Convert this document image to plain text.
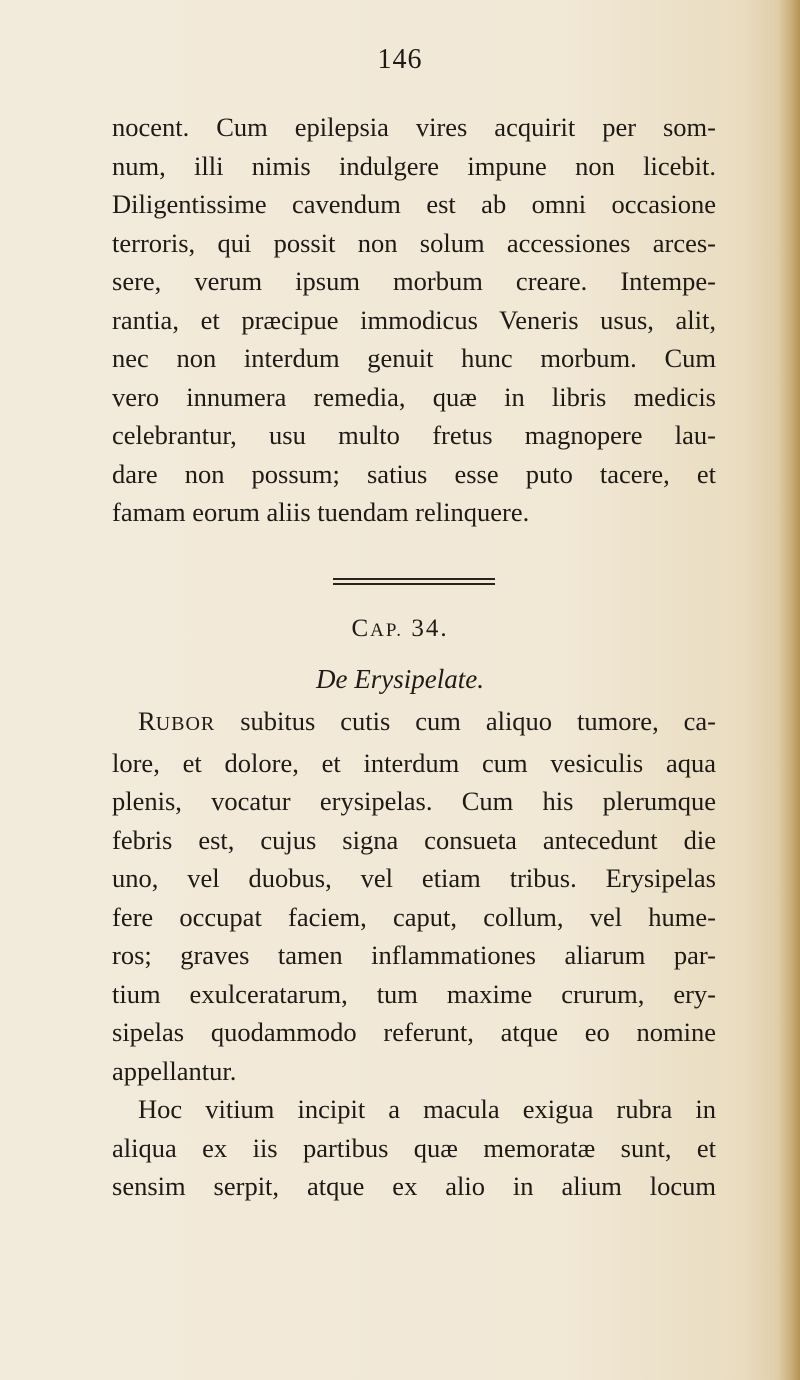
146
nocent. Cum epilepsia vires acquirit per som-
num, illi nimis indulgere impune non licebit.
Diligentissime cavendum est ab omni occasione
terroris, qui possit non solum accessiones arces-
sere, verum ipsum morbum creare. Intempe-
rantia, et præcipue immodicus Veneris usus, alit,
nec non interdum genuit hunc morbum. Cum
vero innumera remedia, quæ in libris medicis
celebrantur, usu multo fretus magnopere lau-
dare non possum; satius esse puto tacere, et
famam eorum aliis tuendam relinquere.
CAP. 34.
De Erysipelate.
RUBOR subitus cutis cum aliquo tumore, ca-
lore, et dolore, et interdum cum vesiculis aqua
plenis, vocatur erysipelas. Cum his plerumque
febris est, cujus signa consueta antecedunt die
uno, vel duobus, vel etiam tribus. Erysipelas
fere occupat faciem, caput, collum, vel hume-
ros; graves tamen inflammationes aliarum par-
tium exulceratarum, tum maxime crurum, ery-
sipelas quodammodo referunt, atque eo nomine
appellantur.
Hoc vitium incipit a macula exigua rubra in
aliqua ex iis partibus quæ memoratæ sunt, et
sensim serpit, atque ex alio in alium locum
